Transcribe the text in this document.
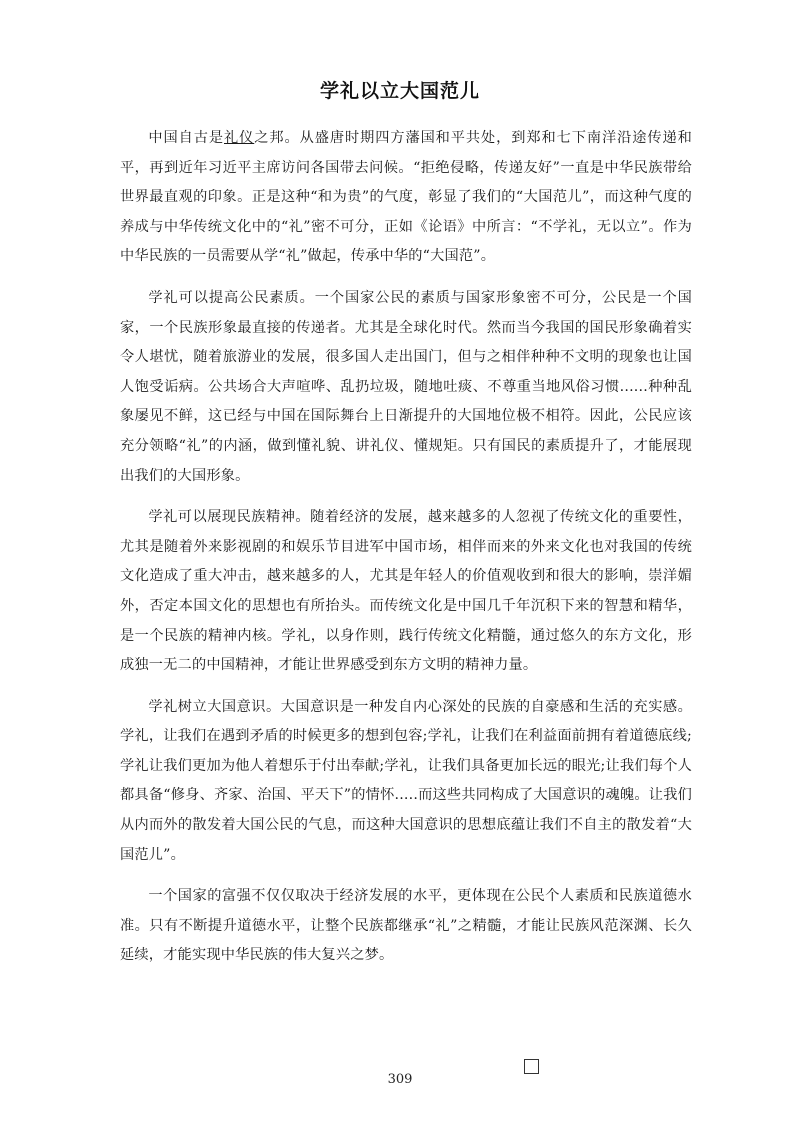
学礼以立大国范儿

中国自古是礼仪之邦。从盛唐时期四方藩国和平共处，到郑和七下南洋沿途传递和平，再到近年习近平主席访问各国带去问候。“拒绝侵略，传递友好”一直是中华民族带给世界最直观的印象。正是这种“和为贵”的气度，彰显了我们的“大国范儿”，而这种气度的养成与中华传统文化中的“礼”密不可分，正如《论语》中所言：“不学礼，无以立”。作为中华民族的一员需要从学“礼”做起，传承中华的“大国范”。

学礼可以提高公民素质。一个国家公民的素质与国家形象密不可分，公民是一个国家，一个民族形象最直接的传递者。尤其是全球化时代。然而当今我国的国民形象确着实令人堪忧，随着旅游业的发展，很多国人走出国门，但与之相伴种种不文明的现象也让国人饱受诟病。公共场合大声喧哗、乱扔垃圾，随地吐痰、不尊重当地风俗习惯......种种乱象屡见不鲜，这已经与中国在国际舞台上日渐提升的大国地位极不相符。因此，公民应该充分领略“礼”的内涵，做到懂礼貌、讲礼仪、懂规矩。只有国民的素质提升了，才能展现出我们的大国形象。

学礼可以展现民族精神。随着经济的发展，越来越多的人忽视了传统文化的重要性，尤其是随着外来影视剧的和娱乐节目进军中国市场，相伴而来的外来文化也对我国的传统文化造成了重大冲击，越来越多的人，尤其是年轻人的价值观收到和很大的影响，崇洋媚外，否定本国文化的思想也有所抬头。而传统文化是中国几千年沉积下来的智慧和精华，是一个民族的精神内核。学礼，以身作则，践行传统文化精髓，通过悠久的东方文化，形成独一无二的中国精神，才能让世界感受到东方文明的精神力量。

学礼树立大国意识。大国意识是一种发自内心深处的民族的自豪感和生活的充实感。学礼，让我们在遇到矛盾的时候更多的想到包容;学礼，让我们在利益面前拥有着道德底线;学礼让我们更加为他人着想乐于付出奉献;学礼，让我们具备更加长远的眼光;让我们每个人都具备“修身、齐家、治国、平天下”的情怀.....而这些共同构成了大国意识的魂魄。让我们从内而外的散发着大国公民的气息，而这种大国意识的思想底蕴让我们不自主的散发着“大国范儿”。

一个国家的富强不仅仅取决于经济发展的水平，更体现在公民个人素质和民族道德水准。只有不断提升道德水平，让整个民族都继承“礼”之精髓，才能让民族风范深渊、长久延续，才能实现中华民族的伟大复兴之梦。

309
